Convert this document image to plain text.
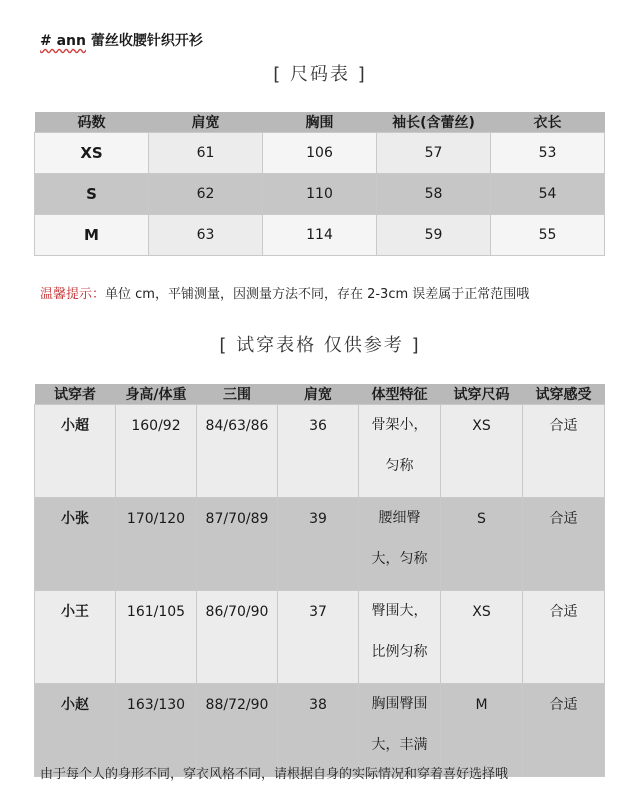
# ann 蕾丝收腰针织开衫
[ 尺码表 ]
码数	肩宽	胸围	袖长(含蕾丝)	衣长
XS	61	106	57	53
S	62	110	58	54
M	63	114	59	55
温馨提示：单位 cm，平铺测量，因测量方法不同，存在 2-3cm 误差属于正常范围哦
[ 试穿表格 仅供参考 ]
试穿者	身高/体重	三围	肩宽	体型特征	试穿尺码	试穿感受
小超	160/92	84/63/86	36	骨架小，匀称	XS	合适
小张	170/120	87/70/89	39	腰细臀大，匀称	S	合适
小王	161/105	86/70/90	37	臀围大，比例匀称	XS	合适
小赵	163/130	88/72/90	38	胸围臀围大，丰满	M	合适
由于每个人的身形不同，穿衣风格不同，请根据自身的实际情况和穿着喜好选择哦
